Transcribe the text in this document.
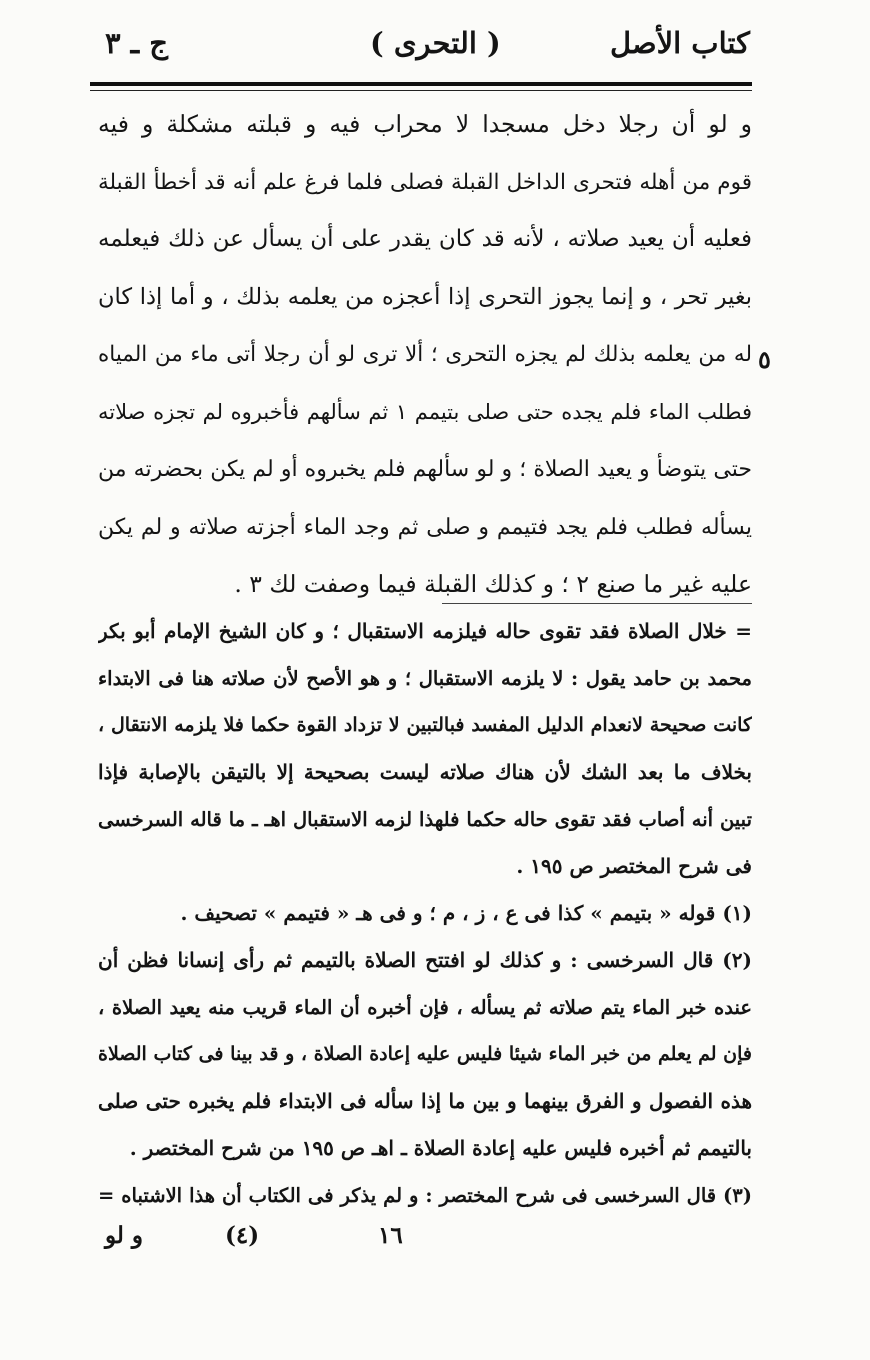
كتاب الأصل
( التحرى )
ج ـ ٣
٥
و لو أن رجلا دخل مسجدا لا محراب فيه و قبلته مشكلة و فيه
قوم من أهله فتحرى الداخل القبلة فصلى فلما فرغ علم أنه قد أخطأ القبلة
فعليه أن يعيد صلاته ، لأنه قد كان يقدر على أن يسأل عن ذلك فيعلمه
بغير تحر ، و إنما يجوز التحرى إذا أعجزه من يعلمه بذلك ، و أما إذا كان
له من يعلمه بذلك لم يجزه التحرى ؛ ألا ترى لو أن رجلا أتى ماء من المياه
فطلب الماء فلم يجده حتى صلى بتيمم ١ ثم سألهم فأخبروه لم تجزه صلاته
حتى يتوضأ و يعيد الصلاة ؛ و لو سألهم فلم يخبروه أو لم يكن بحضرته من
يسأله فطلب فلم يجد فتيمم و صلى ثم وجد الماء أجزته صلاته و لم يكن
عليه غير ما صنع ٢ ؛ و كذلك القبلة فيما وصفت لك ٣ .
= خلال الصلاة فقد تقوى حاله فيلزمه الاستقبال ؛ و كان الشيخ الإمام أبو بكر
محمد بن حامد يقول : لا يلزمه الاستقبال ؛ و هو الأصح لأن صلاته هنا فى الابتداء
كانت صحيحة لانعدام الدليل المفسد فبالتبين لا تزداد القوة حكما فلا يلزمه الانتقال ،
بخلاف ما بعد الشك لأن هناك صلاته ليست بصحيحة إلا بالتيقن بالإصابة فإذا
تبين أنه أصاب فقد تقوى حاله حكما فلهذا لزمه الاستقبال اهـ ـ ما قاله السرخسى
فى شرح المختصر ص ١٩٥ .
(١) قوله « بتيمم » كذا فى ع ، ز ، م ؛ و فى هـ « فتيمم » تصحيف .
(٢) قال السرخسى : و كذلك لو افتتح الصلاة بالتيمم ثم رأى إنسانا فظن أن
عنده خبر الماء يتم صلاته ثم يسأله ، فإن أخبره أن الماء قريب منه يعيد الصلاة ،
فإن لم يعلم من خبر الماء شيئا فليس عليه إعادة الصلاة ، و قد بينا فى كتاب الصلاة
هذه الفصول و الفرق بينهما و بين ما إذا سأله فى الابتداء فلم يخبره حتى صلى
بالتيمم ثم أخبره فليس عليه إعادة الصلاة ـ اهـ ص ١٩٥ من شرح المختصر .
(٣) قال السرخسى فى شرح المختصر : و لم يذكر فى الكتاب أن هذا الاشتباه =
١٦
(٤)
و لو
